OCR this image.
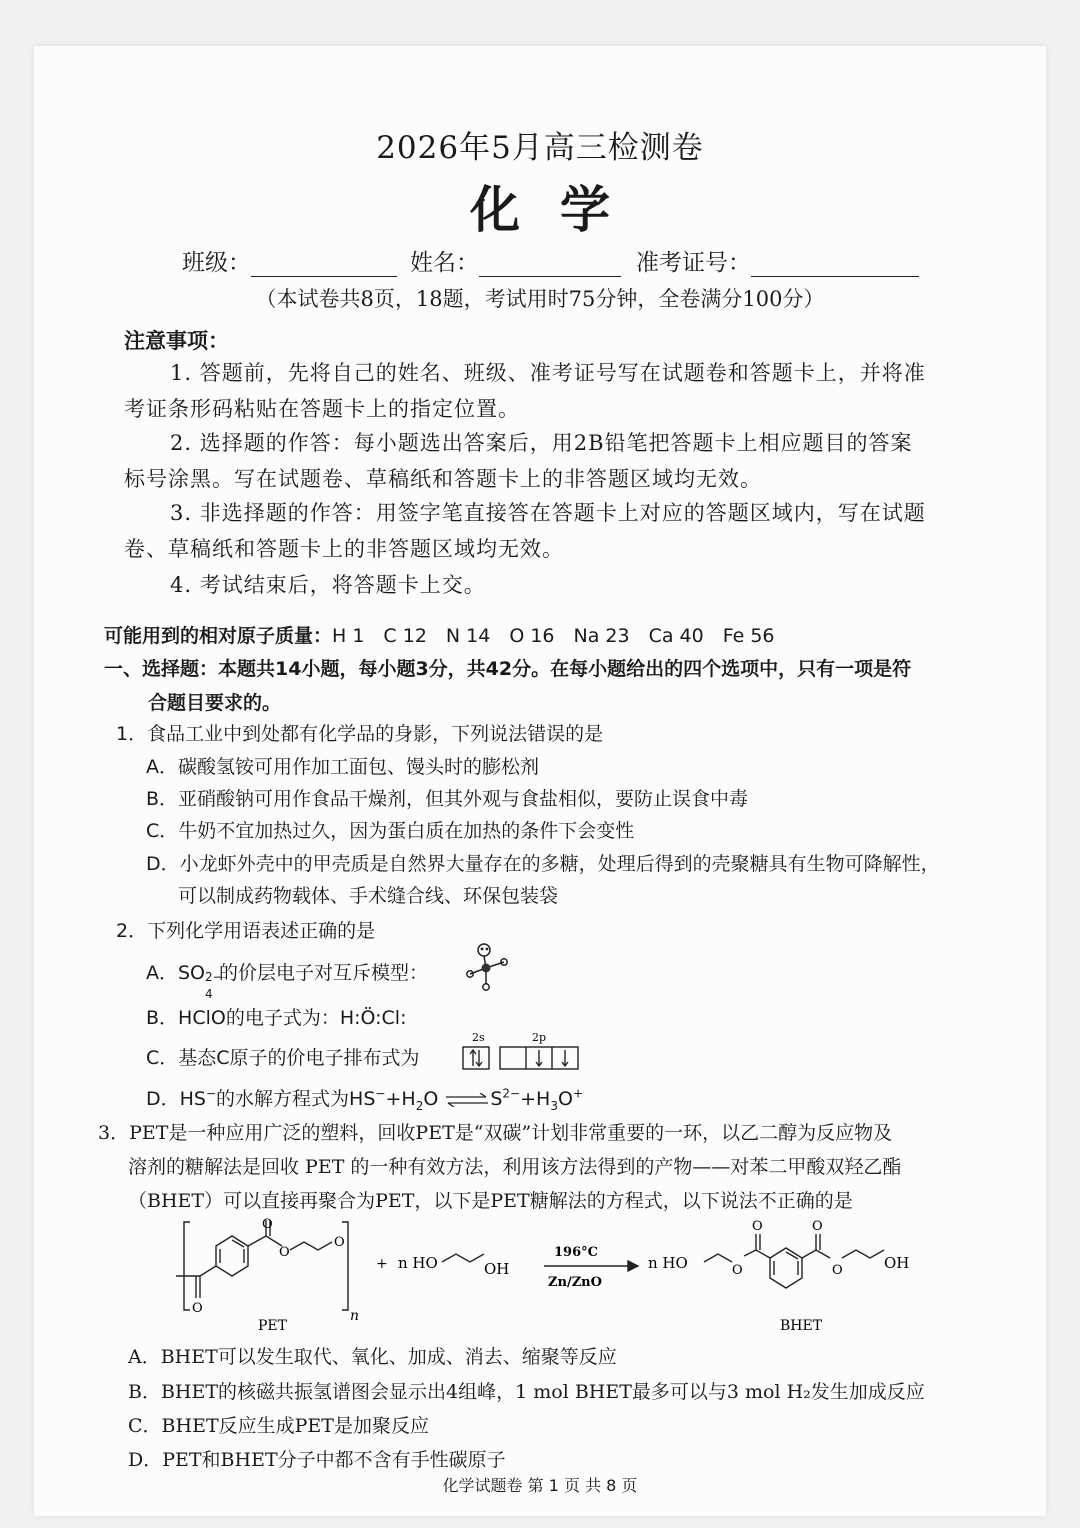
2026年5月高三检测卷
化学
班级：	姓名：	准考证号：
（本试卷共8页，18题，考试用时75分钟，全卷满分100分）
注意事项：
1. 答题前，先将自己的姓名、班级、准考证号写在试题卷和答题卡上，并将准
考证条形码粘贴在答题卡上的指定位置。
2. 选择题的作答：每小题选出答案后，用2B铅笔把答题卡上相应题目的答案
标号涂黑。写在试题卷、草稿纸和答题卡上的非答题区域均无效。
3. 非选择题的作答：用签字笔直接答在答题卡上对应的答题区域内，写在试题
卷、草稿纸和答题卡上的非答题区域均无效。
4. 考试结束后，将答题卡上交。
可能用到的相对原子质量：H 1　C 12　N 14　O 16　Na 23　Ca 40　Fe 56
一、选择题：本题共14小题，每小题3分，共42分。在每小题给出的四个选项中，只有一项是符
合题目要求的。
1．食品工业中到处都有化学品的身影，下列说法错误的是
A．碳酸氢铵可用作加工面包、馒头时的膨松剂
B．亚硝酸钠可用作食品干燥剂，但其外观与食盐相似，要防止误食中毒
C．牛奶不宜加热过久，因为蛋白质在加热的条件下会变性
D．小龙虾外壳中的甲壳质是自然界大量存在的多糖，处理后得到的壳聚糖具有生物可降解性，
可以制成药物载体、手术缝合线、环保包装袋
2．下列化学用语表述正确的是
A．SO 2−
4
的价层电子对互斥模型：
B．HClO的电子式为：H:Ö:Cl:
C．基态C原子的价电子排布式为
2s	2p
D．HS−的水解方程式为$HS^-+H_2O$ $\rightleftharpoons S^{2-}+H_3O^+$
3．PET是一种应用广泛的塑料，回收PET是“双碳”计划非常重要的一环，以乙二醇为反应物及
溶剂的糖解法是回收 PET 的一种有效方法，利用该方法得到的产物——对苯二甲酸双羟乙酯
（BHET）可以直接再聚合为PET，以下是PET糖解法的方程式，以下说法不正确的是
O
O
O
O	n
PET
+ n HO	OH
196°C
Zn/ZnO
n HO	O
O	O
O	OH
BHET
A．BHET可以发生取代、氧化、加成、消去、缩聚等反应
B．BHET的核磁共振氢谱图会显示出4组峰，1 mol BHET最多可以与3 mol H₂发生加成反应
C．BHET反应生成PET是加聚反应
D．PET和BHET分子中都不含有手性碳原子
化学试题卷 第 1 页 共 8 页
